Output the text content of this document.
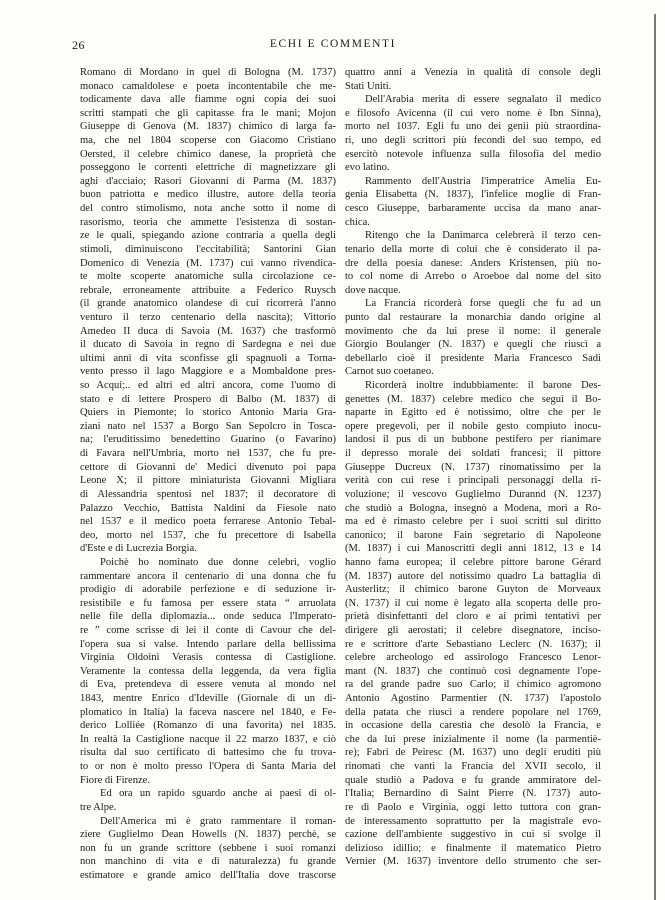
26	ECHI E COMMENTI
Romano di Mordano in quel di Bologna (M. 1737)
monaco camaldolese e poeta incontentabile che me-
todicamente dava alle fiamme ogni copia dei suoi
scritti stampati che gli capitasse fra le mani; Mojon
Giuseppe di Genova (M. 1837) chimico di larga fa-
ma, che nel 1804 scoperse con Giacomo Cristiano
Oersted, il celebre chimico danese, la proprietà che
posseggono le correnti elettriche di magnetizzare gli
aghi d'acciaio; Rasori Giovanni di Parma (M. 1837)
buon patriotta e medico illustre, autore della teoria
del contro stimolismo, nota anche sotto il nome di
rasorismo, teoria che ammette l'esistenza di sostan-
ze le quali, spiegando azione contraria a quella degli
stimoli, diminuiscono l'eccitabilità; Santorini Gian
Domenico di Venezia (M. 1737) cui vanno rivendica-
te molte scoperte anatomiche sulla circolazione ce-
rebrale, erroneamente attribuite a Federico Ruysch
(il grande anatomico olandese di cui ricorrerà l'anno
venturo il terzo centenario della nascita); Vittorio
Amedeo II duca di Savoia (M. 1637) che trasformò
il ducato di Savoia in regno di Sardegna e nei due
ultimi anni di vita sconfisse gli spagnuoli a Torna-
vento presso il lago Maggiore e a Mombaldone pres-
so Acqui;.. ed altri ed altri ancora, come l'uomo di
stato e di lettere Prospero di Balbo (M. 1837) di
Quiers in Piemonte; lo storico Antonio Maria Gra-
ziani nato nel 1537 a Borgo San Sepolcro in Tosca-
na; l'eruditissimo benedettino Guarino (o Favarino)
di Favara nell'Umbria, morto nel 1537, che fu pre-
cettore di Giovanni de' Medici divenuto poi papa
Leone X; il pittore miniaturista Giovanni Migliara
di Alessandria spentosi nel 1837; il decoratore di
Palazzo Vecchio, Battista Naldini da Fiesole nato
nel 1537 e il medico poeta ferrarese Antonio Tebal-
deo, morto nel 1537, che fu precettore di Isabella
d'Este e di Lucrezia Borgia.
Poichè ho nominato due donne celebri, voglio
rammentare ancora il centenario di una donna che fu
prodigio di adorabile perfezione e di seduzione ir-
resistibile e fu famosa per essere stata “ arruolata
nelle file della diplomazia... onde seduca l'Imperato-
re ” come scrisse di lei il conte di Cavour che del-
l'opera sua si valse. Intendo parlare della bellissima
Virginia Oldoini Verasis contessa di Castiglione.
Veramente la contessa della leggenda, da vera figlia
di Eva, pretendeva di essere venuta al mondo nel
1843, mentre Enrico d'Ideville (Giornale di un di-
plomatico in Italia) la faceva nascere nel 1840, e Fe-
derico Lolliée (Romanzo di una favorita) nel 1835.
In realtà la Castiglione nacque il 22 marzo 1837, e ciò
risulta dal suo certificato di battesimo che fu trova-
to or non è molto presso l'Opera di Santa Maria del
Fiore di Firenze.
Ed ora un rapido sguardo anche ai paesi di ol-
tre Alpe.
Dell'America mi è grato rammentare il roman-
ziere Guglielmo Dean Howells (N. 1837) perchè, se
non fu un grande scrittore (sebbene i suoi romanzi
non manchino di vita e di naturalezza) fu grande
estimatore e grande amico dell'Italia dove trascorse
quattro anni a Venezia in qualità di console degli
Stati Uniti.
Dell'Arabia merita di essere segnalato il medico
e filosofo Avicenna (il cui vero nome è Ibn Sinna),
morto nel 1037. Egli fu uno dei genii più straordina-
ri, uno degli scrittori più fecondi del suo tempo, ed
esercitò notevole influenza sulla filosofia del medio
evo latino.
Rammento dell'Austria l'imperatrice Amelia Eu-
genia Elisabetta (N. 1837), l'infelice moglie di Fran-
cesco Giuseppe, barbaramente uccisa da mano anar-
chica.
Ritengo che la Danimarca celebrerà il terzo cen-
tenario della morte di colui che è considerato il pa-
dre della poesia danese: Anders Kristensen, più no-
to col nome di Arrebo o Aroeboe dal nome del sito
dove nacque.
La Francia ricorderà forse quegli che fu ad un
punto dal restaurare la monarchia dando origine al
movimento che da lui prese il nome: il generale
Giorgio Boulanger (N. 1837) e quegli che riuscì a
debellarlo cioè il presidente Maria Francesco Sadi
Carnot suo coetaneo.
Ricorderà inoltre indubbiamente: il barone Des-
genettes (M. 1837) celebre medico che seguì il Bo-
naparte in Egitto ed è notissimo, oltre che per le
opere pregevoli, per il nobile gesto compiuto inocu-
landosi il pus di un bubbone pestifero per rianimare
il depresso morale dei soldati francesi; il pittore
Giuseppe Ducreux (N. 1737) rinomatissimo per la
verità con cui rese i principali personaggi della ri-
voluzione; il vescovo Guglielmo Durannd (N. 1237)
che studiò a Bologna, insegnò a Modena, morì a Ro-
ma ed è rimasto celebre per i suoi scritti sul diritto
canonico; il barone Fain segretario di Napoleone
(M. 1837) i cui Manoscritti degli anni 1812, 13 e 14
hanno fama europea; il celebre pittore barone Gérard
(M. 1837) autore del notissimo quadro La battaglia di
Austerlitz; il chimico barone Guyton de Morveaux
(N. 1737) il cui nome è legato alla scoperta delle pro-
prietà disinfettanti del cloro e ai primi tentativi per
dirigere gli aerostati; il celebre disegnatore, inciso-
re e scrittore d'arte Sebastiano Leclerc (N. 1637); il
celebre archeologo ed assirologo Francesco Lenor-
mant (N. 1837) che continuò così degnamente l'ope-
ra del grande padre suo Carlo; il chimico agromono
Antonio Agostino Parmentier (N. 1737) l'apostolo
della patata che riuscì a rendere popolare nel 1769,
in occasione della carestia che desolò la Francia, e
che da lui prese inizialmente il nome (la parmentiè-
re); Fabri de Peiresc (M. 1637) uno degli eruditi più
rinomati che vanti la Francia del XVII secolo, il
quale studiò a Padova e fu grande ammiratore del-
l'Italia; Bernardino di Saint Pierre (N. 1737) auto-
re di Paolo e Virginia, oggi letto tuttora con gran-
de interessamento soprattutto per la magistrale evo-
cazione dell'ambiente suggestivo in cui si svolge il
delizioso idillio; e finalmente il matematico Pietro
Vernier (M. 1637) inventore dello strumento che ser-
